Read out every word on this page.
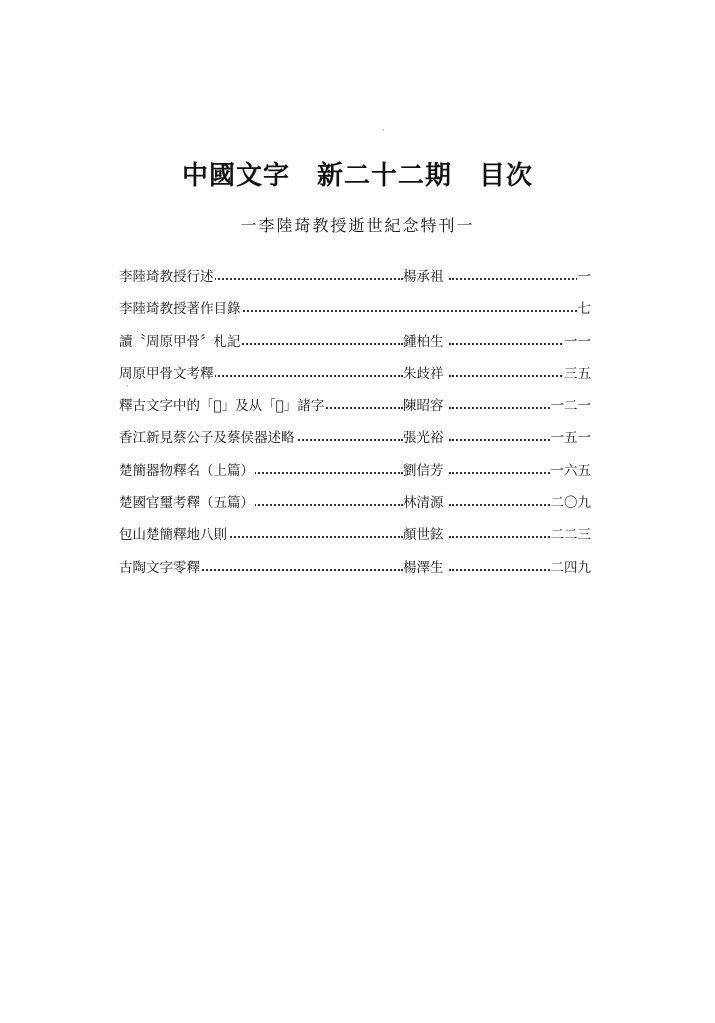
中國文字　新二十二期　目次
一李陸琦教授逝世紀念特刊一
李陸琦教授行述	楊承祖	一
李陸琦教授著作目錄	七
讀〝周原甲骨〞札記	鍾柏生	一一
周原甲骨文考釋	朱歧祥	三五
釋古文字中的「𦍍」及从「𦍍」諸字	陳昭容	一二一
香江新見蔡公子及蔡侯器述略	張光裕	一五一
楚簡器物釋名（上篇）	劉信芳	一六五
楚國官璽考釋（五篇）	林清源	二〇九
包山楚簡釋地八則	顏世鉉	二二三
古陶文字零釋	楊澤生	二四九
·
·
